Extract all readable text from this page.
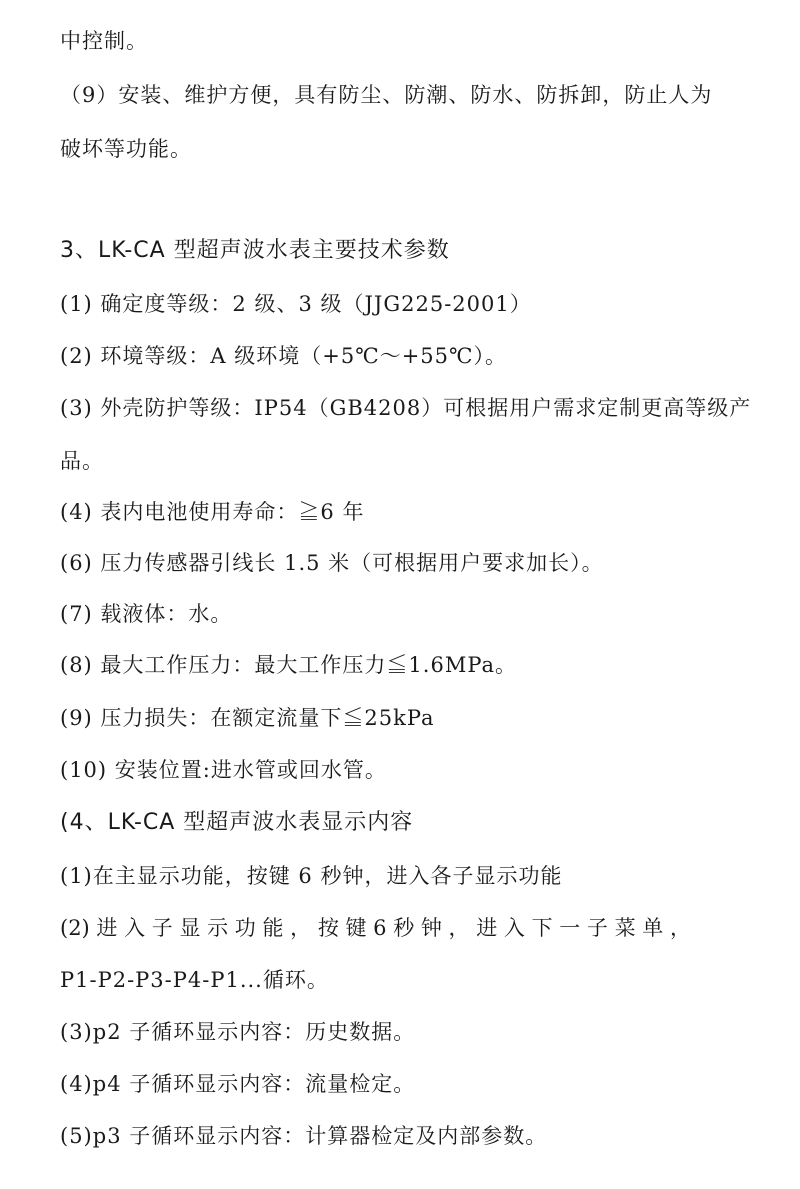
中控制。
（9）安装、维护方便，具有防尘、防潮、防水、防拆卸，防止人为
破坏等功能。
3、LK-CA 型超声波水表主要技术参数
(1) 确定度等级：2 级、3 级（JJG225-2001）
(2) 环境等级：A 级环境（+5℃～+55℃）。
(3) 外壳防护等级：IP54（GB4208）可根据用户需求定制更高等级产
品。
(4) 表内电池使用寿命：≧6 年
(6) 压力传感器引线长 1.5 米（可根据用户要求加长）。
(7) 载液体：水。
(8) 最大工作压力：最大工作压力≦1.6MPa。
(9) 压力损失：在额定流量下≦25kPa
(10) 安装位置:进水管或回水管。
(4、LK-CA 型超声波水表显示内容
(1)在主显示功能，按键 6 秒钟，进入各子显示功能
(2) 进 入 子 显 示 功 能 ， 按 键 6 秒 钟 ， 进 入 下 一 子 菜 单 ，
P1-P2-P3-P4-P1...循环。
(3)p2 子循环显示内容：历史数据。
(4)p4 子循环显示内容：流量检定。
(5)p3 子循环显示内容：计算器检定及内部参数。
